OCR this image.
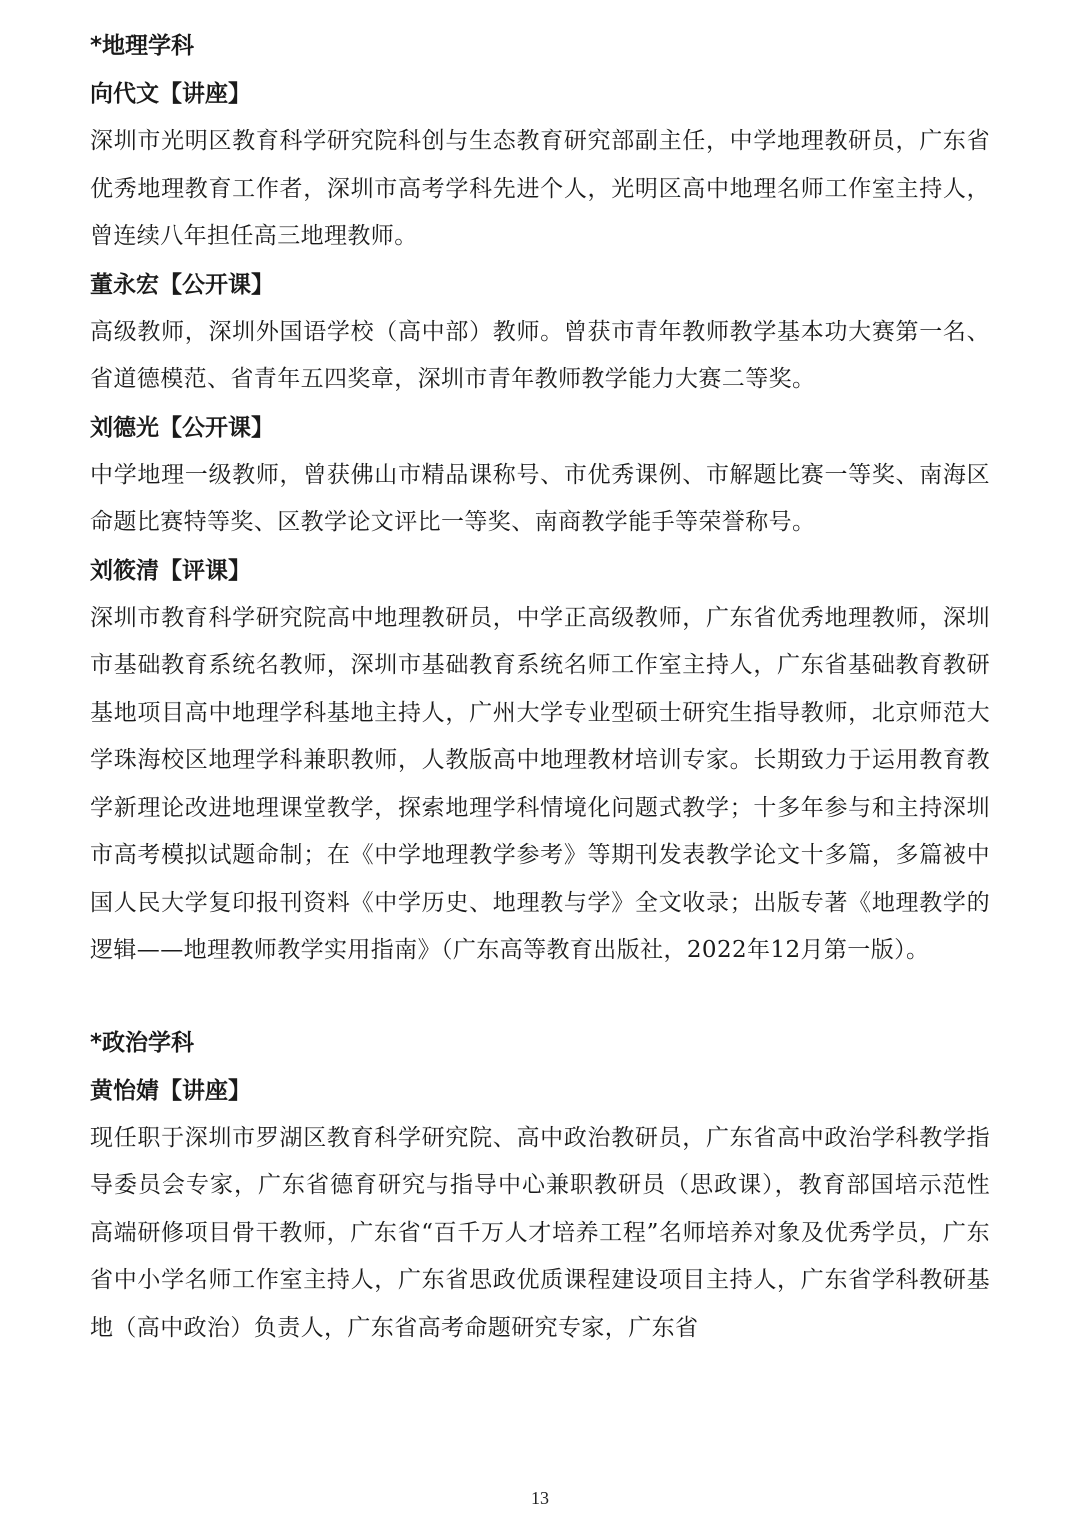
*地理学科
向代文【讲座】

深圳市光明区教育科学研究院科创与生态教育研究部副主任，中学地理教研员，广东省优秀地理教育工作者，深圳市高考学科先进个人，光明区高中地理名师工作室主持人，曾连续八年担任高三地理教师。

董永宏【公开课】

高级教师，深圳外国语学校（高中部）教师。曾获市青年教师教学基本功大赛第一名、省道德模范、省青年五四奖章，深圳市青年教师教学能力大赛二等奖。

刘德光【公开课】

中学地理一级教师，曾获佛山市精品课称号、市优秀课例、市解题比赛一等奖、南海区命题比赛特等奖、区教学论文评比一等奖、南商教学能手等荣誉称号。

刘筱清【评课】

深圳市教育科学研究院高中地理教研员，中学正高级教师，广东省优秀地理教师，深圳市基础教育系统名教师，深圳市基础教育系统名师工作室主持人，广东省基础教育教研基地项目高中地理学科基地主持人，广州大学专业型硕士研究生指导教师，北京师范大学珠海校区地理学科兼职教师，人教版高中地理教材培训专家。长期致力于运用教育教学新理论改进地理课堂教学，探索地理学科情境化问题式教学；十多年参与和主持深圳市高考模拟试题命制；在《中学地理教学参考》等期刊发表教学论文十多篇，多篇被中国人民大学复印报刊资料《中学历史、地理教与学》全文收录；出版专著《地理教学的逻辑——地理教师教学实用指南》（广东高等教育出版社，2022年12月第一版）。

*政治学科
黄怡婧【讲座】

现任职于深圳市罗湖区教育科学研究院、高中政治教研员，广东省高中政治学科教学指导委员会专家，广东省德育研究与指导中心兼职教研员（思政课），教育部国培示范性高端研修项目骨干教师，广东省“百千万人才培养工程”名师培养对象及优秀学员，广东省中小学名师工作室主持人，广东省思政优质课程建设项目主持人，广东省学科教研基地（高中政治）负责人，广东省高考命题研究专家，广东省

13
